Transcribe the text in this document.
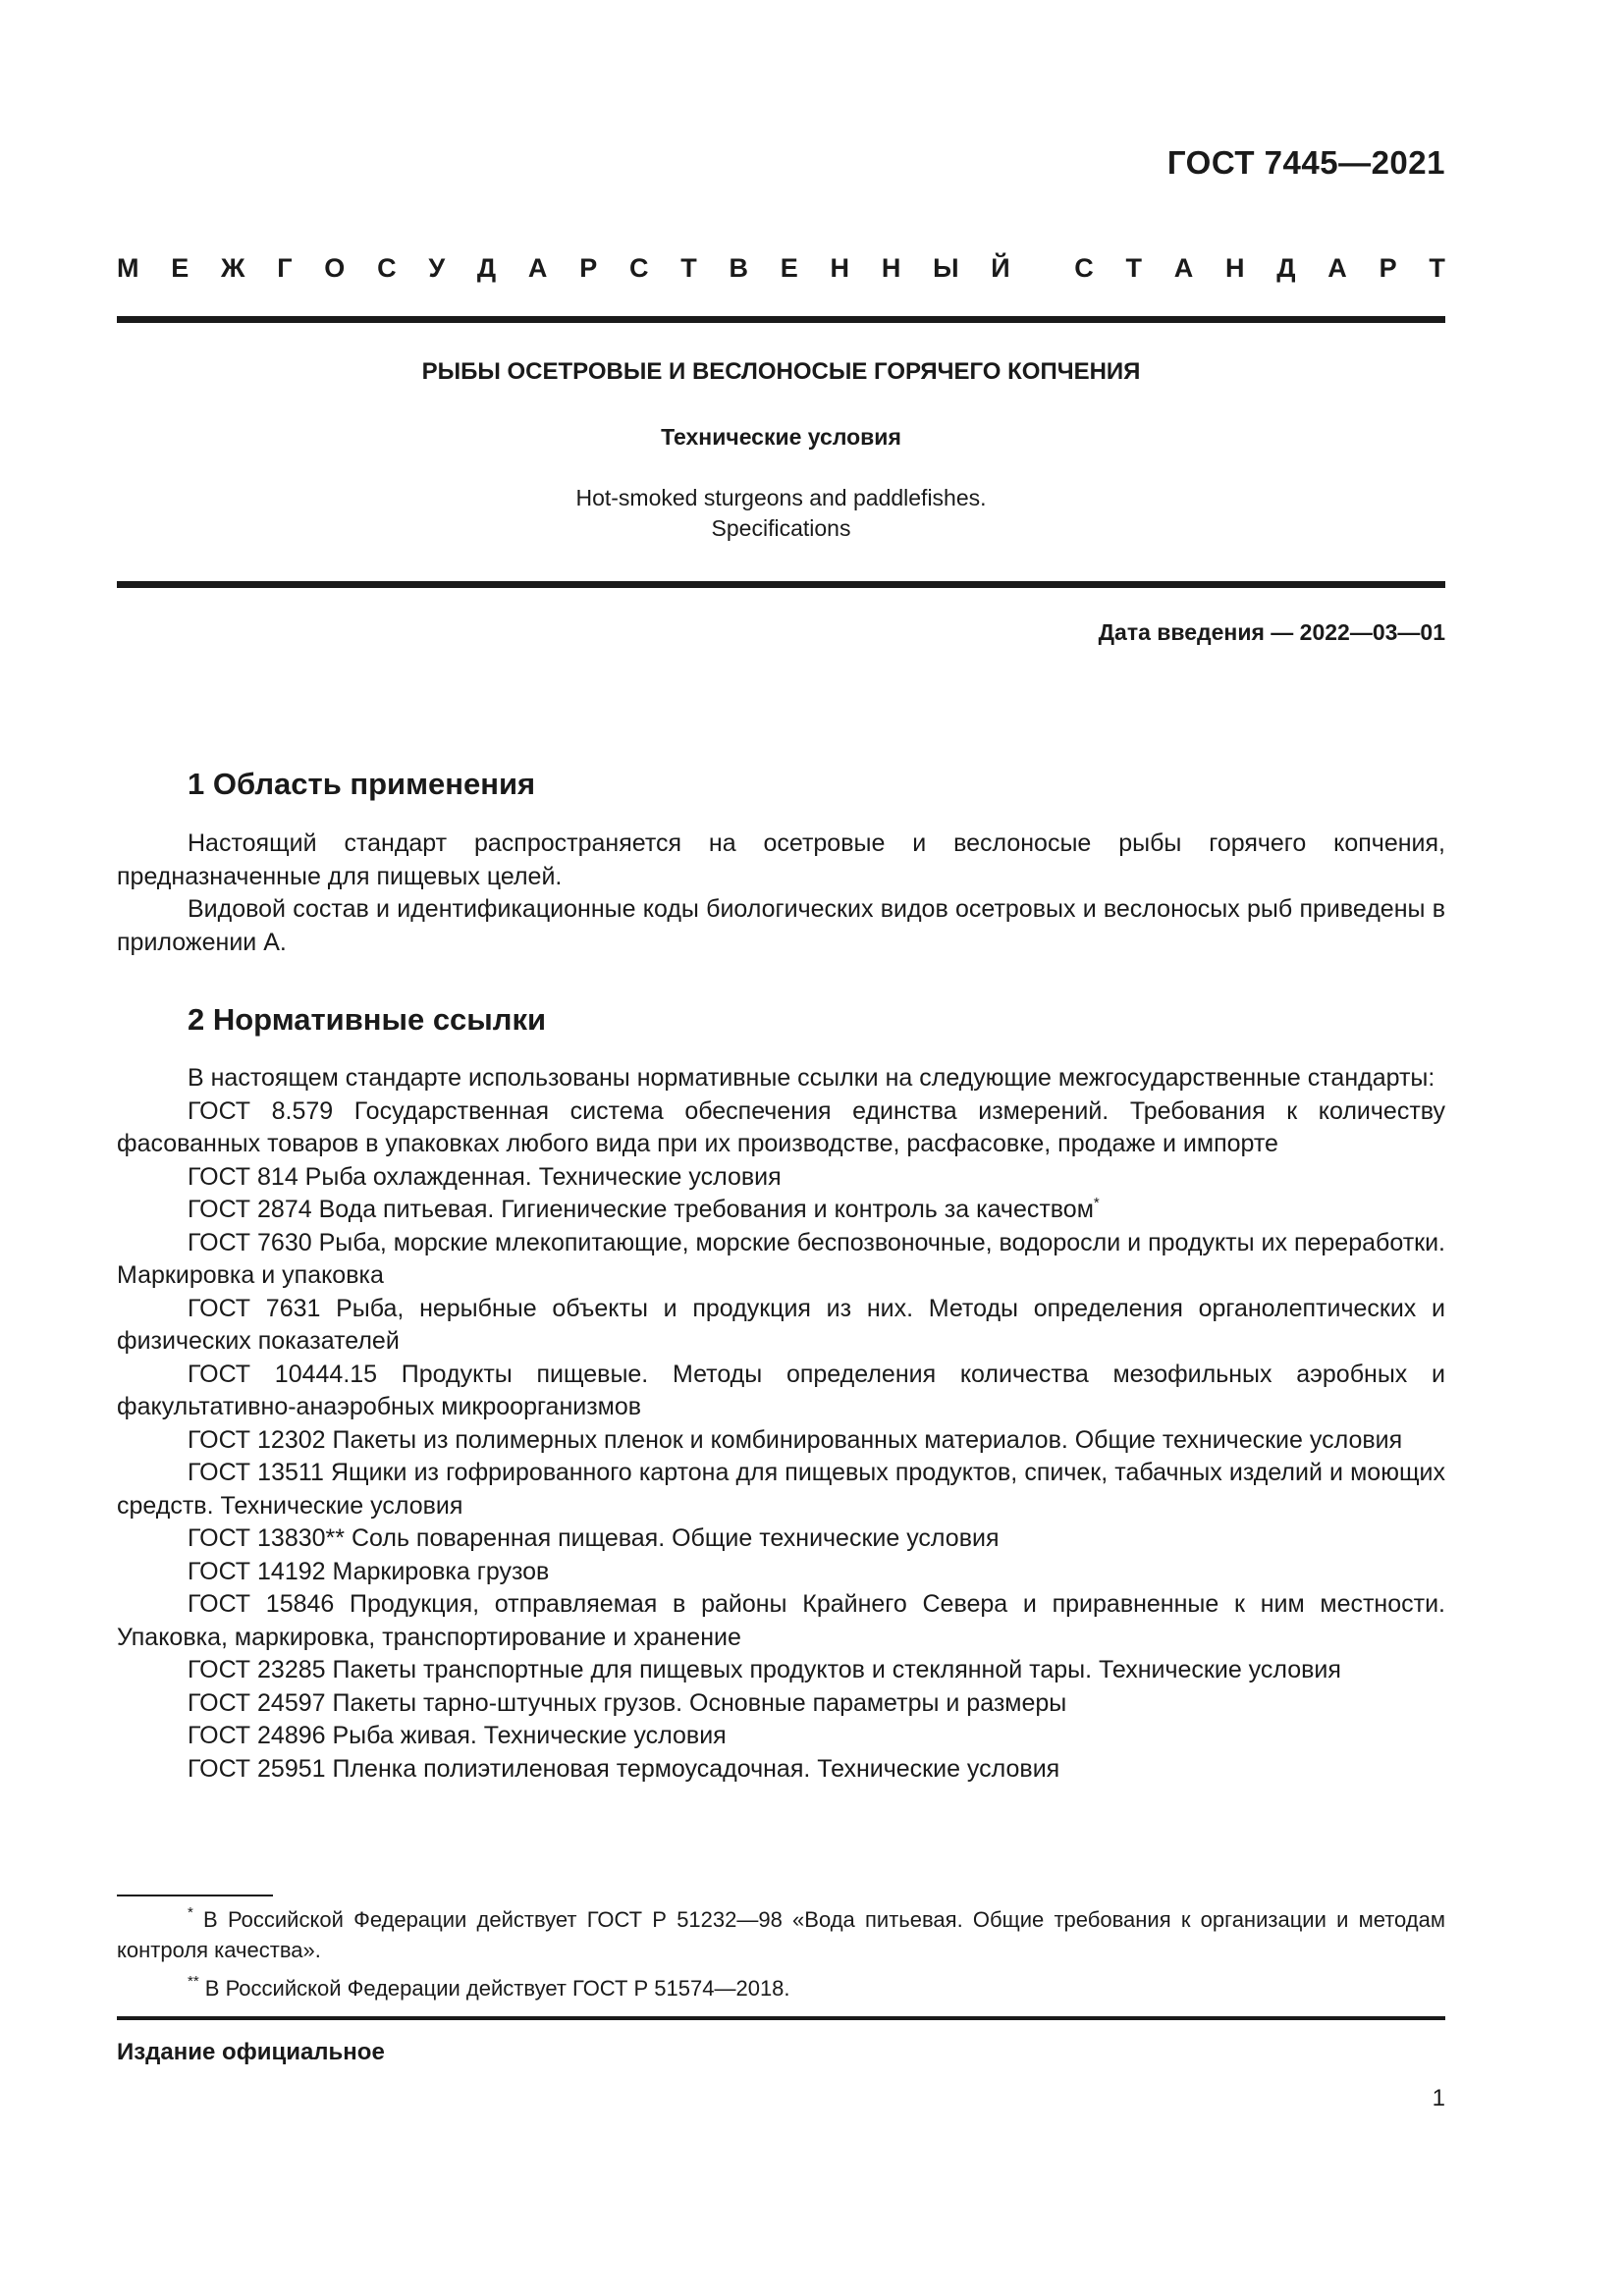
ГОСТ 7445—2021
М Е Ж Г О С У Д А Р С Т В Е Н Н Ы Й С Т А Н Д А Р Т
РЫБЫ ОСЕТРОВЫЕ И ВЕСЛОНОСЫЕ ГОРЯЧЕГО КОПЧЕНИЯ
Технические условия
Hot-smoked sturgeons and paddlefishes.
Specifications
Дата введения — 2022—03—01
1 Область применения

Настоящий стандарт распространяется на осетровые и веслоносые рыбы горячего копчения, предназначенные для пищевых целей.

Видовой состав и идентификационные коды биологических видов осетровых и веслоносых рыб приведены в приложении А.

2 Нормативные ссылки

В настоящем стандарте использованы нормативные ссылки на следующие межгосударственные стандарты:

ГОСТ 8.579 Государственная система обеспечения единства измерений. Требования к количеству фасованных товаров в упаковках любого вида при их производстве, расфасовке, продаже и импорте

ГОСТ 814 Рыба охлажденная. Технические условия

ГОСТ 2874 Вода питьевая. Гигиенические требования и контроль за качеством*

ГОСТ 7630 Рыба, морские млекопитающие, морские беспозвоночные, водоросли и продукты их переработки. Маркировка и упаковка

ГОСТ 7631 Рыба, нерыбные объекты и продукция из них. Методы определения органолептических и физических показателей

ГОСТ 10444.15 Продукты пищевые. Методы определения количества мезофильных аэробных и факультативно-анаэробных микроорганизмов

ГОСТ 12302 Пакеты из полимерных пленок и комбинированных материалов. Общие технические условия

ГОСТ 13511 Ящики из гофрированного картона для пищевых продуктов, спичек, табачных изделий и моющих средств. Технические условия

ГОСТ 13830** Соль поваренная пищевая. Общие технические условия

ГОСТ 14192 Маркировка грузов

ГОСТ 15846 Продукция, отправляемая в районы Крайнего Севера и приравненные к ним местности. Упаковка, маркировка, транспортирование и хранение

ГОСТ 23285 Пакеты транспортные для пищевых продуктов и стеклянной тары. Технические условия

ГОСТ 24597 Пакеты тарно-штучных грузов. Основные параметры и размеры

ГОСТ 24896 Рыба живая. Технические условия

ГОСТ 25951 Пленка полиэтиленовая термоусадочная. Технические условия

* В Российской Федерации действует ГОСТ Р 51232—98 «Вода питьевая. Общие требования к организации и методам контроля качества».

** В Российской Федерации действует ГОСТ Р 51574—2018.

Издание официальное
1
